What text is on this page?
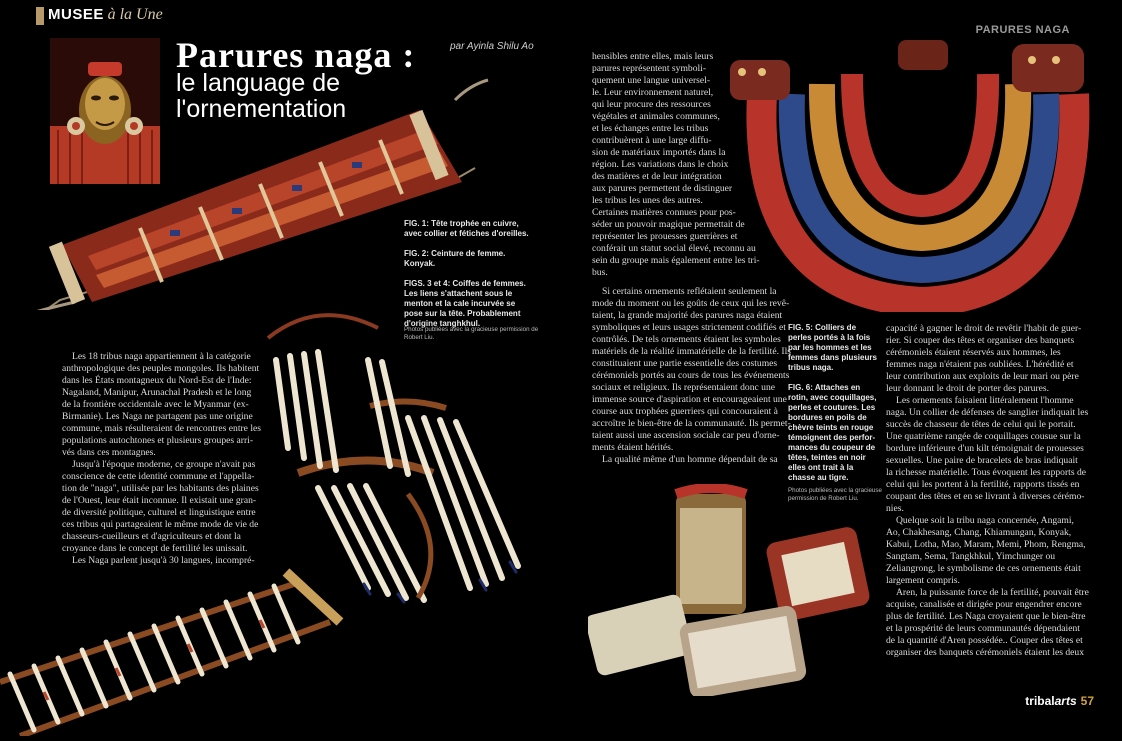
MUSEE à la Une
PARURES NAGA
Parures naga :
le language de
l'ornementation
par Ayinla Shilu Ao
FIG. 1: Tête trophée en cuivre,
avec collier et fétiches d'oreilles.

FIG. 2: Ceinture de femme.
Konyak.

FIGS. 3 et 4: Coiffes de femmes.
Les liens s'attachent sous le
menton et la cale incurvée se
pose sur la tête. Probablement
d'origine tanghkhul.
Photos publiées avec la gracieuse permission de
Robert Liu.
FIG. 5: Colliers de
perles portés à la fois
par les hommes et les
femmes dans plusieurs
tribus naga.

FIG. 6: Attaches en
rotin, avec coquillages,
perles et coutures. Les
bordures en poils de
chèvre teints en rouge
témoignent des perfor-
mances du coupeur de
têtes, teintes en noir
elles ont trait à la
chasse au tigre.
Photos publiées avec la gracieuse
permission de Robert Liu.
Les 18 tribus naga appartiennent à la catégorie
anthropologique des peuples mongoles. Ils habitent
dans les États montagneux du Nord-Est de l'Inde:
Nagaland, Manipur, Arunachal Pradesh et le long
de la frontière occidentale avec le Myanmar (ex-
Birmanie). Les Naga ne partagent pas une origine
commune, mais résulteraient de rencontres entre les
populations autochtones et plusieurs groupes arri-
vés dans ces montagnes.
Jusqu'à l'époque moderne, ce groupe n'avait pas
conscience de cette identité commune et l'appella-
tion de "naga", utilisée par les habitants des plaines
de l'Ouest, leur était inconnue. Il existait une gran-
de diversité politique, culturel et linguistique entre
ces tribus qui partageaient le même mode de vie de
chasseurs-cueilleurs et d'agriculteurs et dont la
croyance dans le concept de fertilité les unissait.
Les Naga parlent jusqu'à 30 langues, incompré-
hensibles entre elles, mais leurs
parures représentent symboli-
quement une langue universel-
le. Leur environnement naturel,
qui leur procure des ressources
végétales et animales communes,
et les échanges entre les tribus
contribuèrent à une large diffu-
sion de matériaux importés dans la
région. Les variations dans le choix
des matières et de leur intégration
aux parures permettent de distinguer
les tribus les unes des autres.
Certaines matières connues pour pos-
séder un pouvoir magique permettait de
représenter les prouesses guerrières et
conférait un statut social élevé, reconnu au
sein du groupe mais également entre les tri-
bus.
Si certains ornements reflétaient seulement la
mode du moment ou les goûts de ceux qui les revê-
taient, la grande majorité des parures naga étaient
symboliques et leurs usages strictement codifiés et
contrôlés. De tels ornements étaient les symboles
matériels de la réalité immatérielle de la fertilité. Ils
constituaient une partie essentielle des costumes
cérémoniels portés au cours de tous les événements
sociaux et religieux. Ils représentaient donc une
immense source d'aspiration et encourageaient une
course aux trophées guerriers qui concouraient à
accroître le bien-être de la communauté. Ils permet-
taient aussi une ascension sociale car peu d'orne-
ments étaient hérités.
La qualité même d'un homme dépendait de sa
capacité à gagner le droit de revêtir l'habit de guer-
rier. Si couper des têtes et organiser des banquets
cérémoniels étaient réservés aux hommes, les
femmes naga n'étaient pas oubliées. L'hérédité et
leur contribution aux exploits de leur mari ou père
leur donnant le droit de porter des parures.
Les ornements faisaient littéralement l'homme
naga. Un collier de défenses de sanglier indiquait les
succès de chasseur de têtes de celui qui le portait.
Une quatrième rangée de coquillages cousue sur la
bordure inférieure d'un kilt témoignait de prouesses
sexuelles. Une paire de bracelets de bras indiquait
la richesse matérielle. Tous évoquent les rapports de
celui qui les portent à la fertilité, rapports tissés en
coupant des têtes et en se livrant à diverses cérémo-
nies.
Quelque soit la tribu naga concernée, Angami,
Ao, Chakhesang, Chang, Khiamungan, Konyak,
Kabui, Lotha, Mao, Maram, Memi, Phom, Rengma,
Sangtam, Sema, Tangkhkul, Yimchunger ou
Zeliangrong, le symbolisme de ces ornements était
largement compris.
Aren, la puissante force de la fertilité, pouvait être
acquise, canalisée et dirigée pour engendrer encore
plus de fertilité. Les Naga croyaient que le bien-être
et la prospérité de leurs communautés dépendaient
de la quantité d'Aren possédée.. Couper des têtes et
organiser des banquets cérémoniels étaient les deux
tribalarts 57
